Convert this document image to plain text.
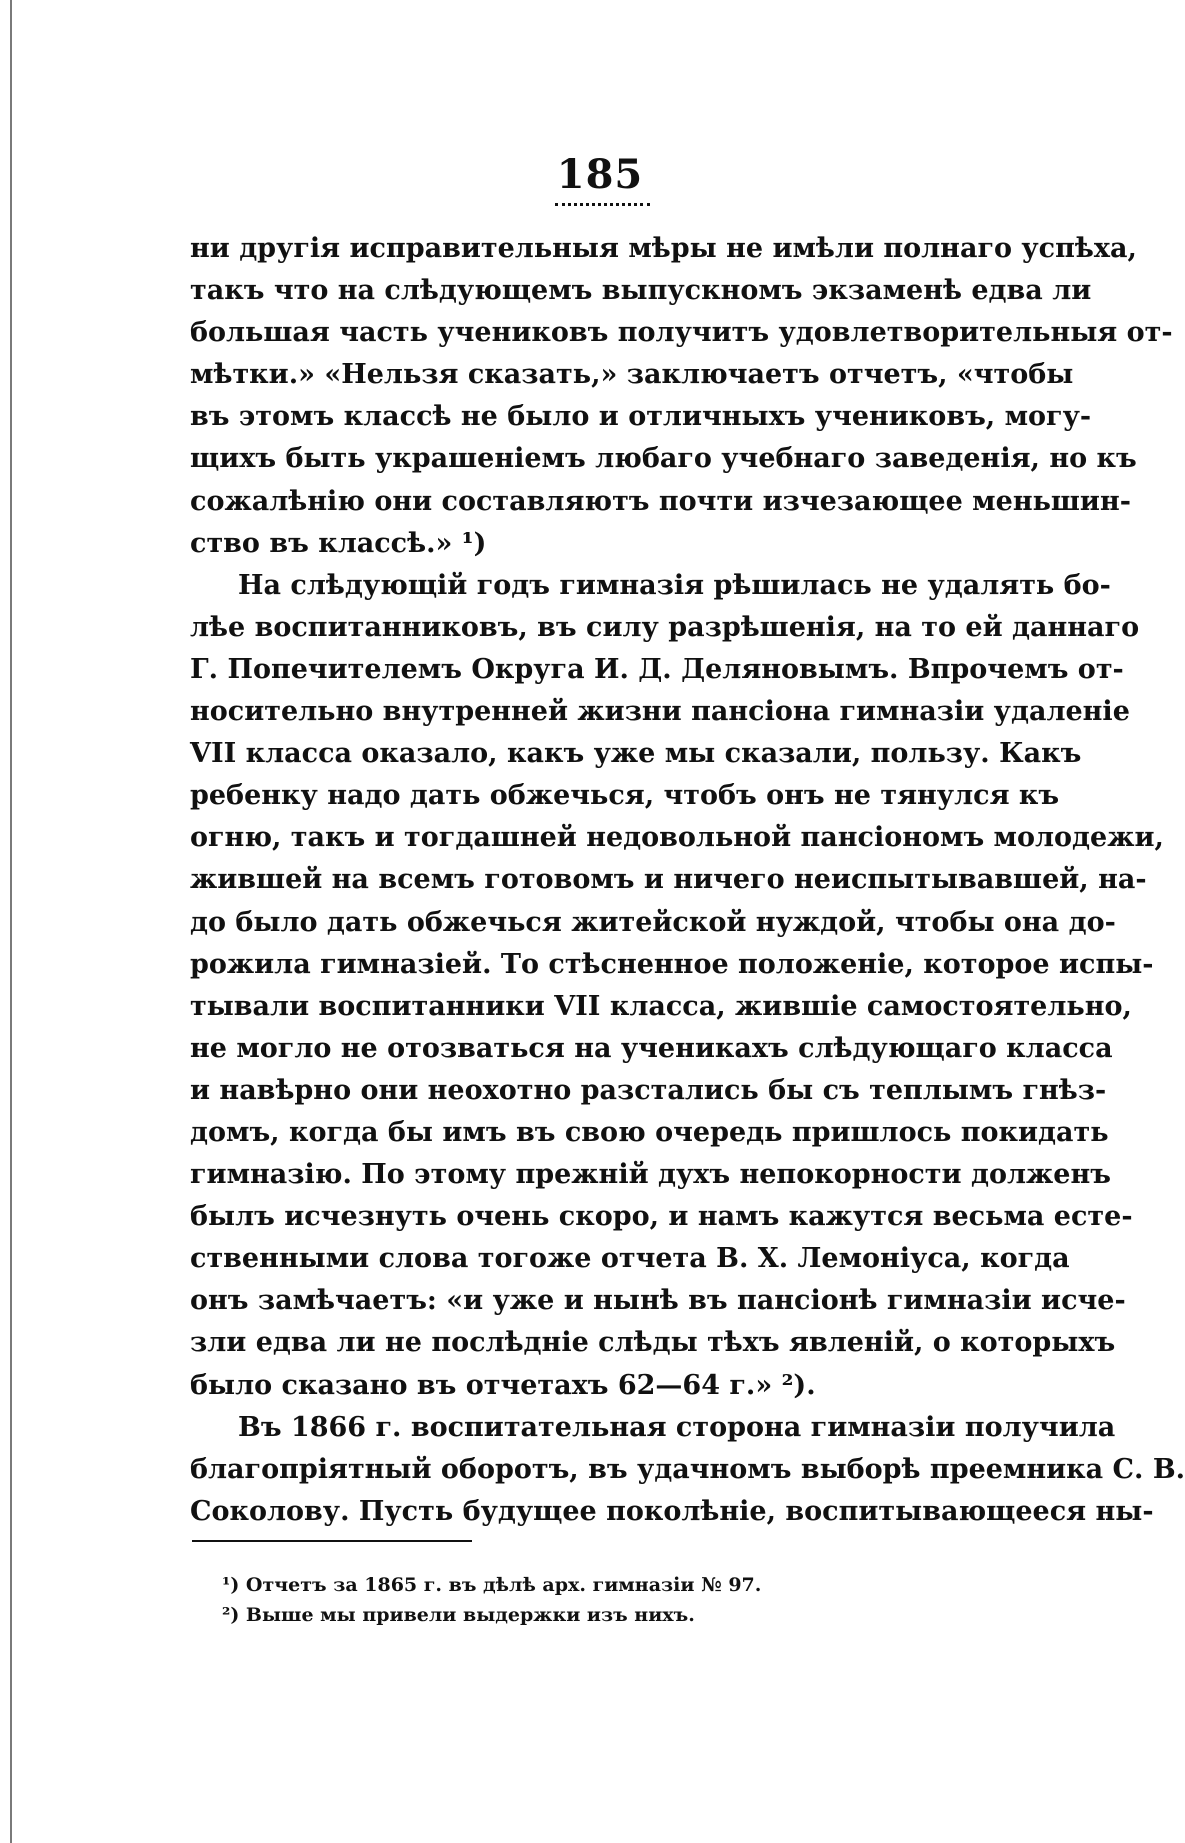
185
ни другія исправительныя мѣры не имѣли полнаго успѣха,
такъ что на слѣдующемъ выпускномъ экзаменѣ едва ли
большая часть учениковъ получитъ удовлетворительныя от-
мѣтки.» «Нельзя сказать,» заключаетъ отчетъ, «чтобы
въ этомъ классѣ не было и отличныхъ учениковъ, могу-
щихъ быть украшеніемъ любаго учебнаго заведенія, но къ
сожалѣнію они составляютъ почти изчезающее меньшин-
ство въ классѣ.» ¹)
На слѣдующій годъ гимназія рѣшилась не удалять бо-
лѣе воспитанниковъ, въ силу разрѣшенія, на то ей даннаго
Г. Попечителемъ Округа И. Д. Деляновымъ. Впрочемъ от-
носительно внутренней жизни пансіона гимназіи удаленіе
VII класса оказало, какъ уже мы сказали, пользу. Какъ
ребенку надо дать обжечься, чтобъ онъ не тянулся къ
огню, такъ и тогдашней недовольной пансіономъ молодежи,
жившей на всемъ готовомъ и ничего неиспытывавшей, на-
до было дать обжечься житейской нуждой, чтобы она до-
рожила гимназіей. То стѣсненное положеніе, которое испы-
тывали воспитанники VII класса, жившіе самостоятельно,
не могло не отозваться на ученикахъ слѣдующаго класса
и навѣрно они неохотно разстались бы съ теплымъ гнѣз-
домъ, когда бы имъ въ свою очередь пришлось покидать
гимназію. По этому прежній духъ непокорности долженъ
былъ исчезнуть очень скоро, и намъ кажутся весьма есте-
ственными слова тогоже отчета В. Х. Лемоніуса, когда
онъ замѣчаетъ: «и уже и нынѣ въ пансіонѣ гимназіи исче-
зли едва ли не послѣдніе слѣды тѣхъ явленій, о которыхъ
было сказано въ отчетахъ 62—64 г.» ²).
Въ 1866 г. воспитательная сторона гимназіи получила
благопріятный оборотъ, въ удачномъ выборѣ преемника С. В.
Соколову. Пусть будущее поколѣніе, воспитывающееся ны-
¹) Отчетъ за 1865 г. въ дѣлѣ арх. гимназіи № 97.
²) Выше мы привели выдержки изъ нихъ.
